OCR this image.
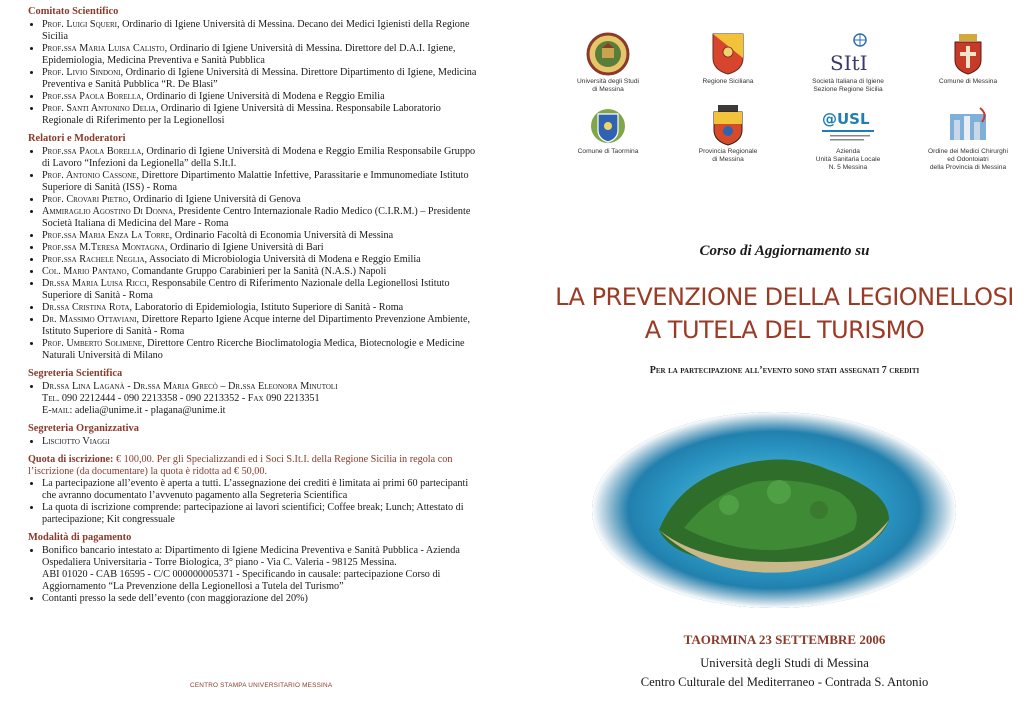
Comitato Scientifico
• Prof. Luigi Squeri, Ordinario di Igiene Università di Messina. Decano dei Medici Igienisti della Regione Sicilia
• Prof.ssa Maria Luisa Calisto, Ordinario di Igiene Università di Messina. Direttore del D.A.I. Igiene, Epidemiologia, Medicina Preventiva e Sanità Pubblica
• Prof. Livio Sindoni, Ordinario di Igiene Università di Messina. Direttore Dipartimento di Igiene, Medicina Preventiva e Sanità Pubblica “R. De Blasi”
• Prof.ssa Paola Borella, Ordinario di Igiene Università di Modena e Reggio Emilia
• Prof. Santi Antonino Delia, Ordinario di Igiene Università di Messina. Responsabile Laboratorio Regionale di Riferimento per la Legionellosi
Relatori e Moderatori
• Prof.ssa Paola Borella, Ordinario di Igiene Università di Modena e Reggio Emilia Responsabile Gruppo di Lavoro “Infezioni da Legionella” della S.It.I.
• Prof. Antonio Cassone, Direttore Dipartimento Malattie Infettive, Parassitarie e Immunomediate Istituto Superiore di Sanità (ISS) - Roma
• Prof. Crovari Pietro, Ordinario di Igiene Università di Genova
• Ammiraglio Agostino Di Donna, Presidente Centro Internazionale Radio Medico (C.I.R.M.) – Presidente Società Italiana di Medicina del Mare - Roma
• Prof.ssa Maria Enza La Torre, Ordinario Facoltà di Economia Università di Messina
• Prof.ssa M.Teresa Montagna, Ordinario di Igiene Università di Bari
• Prof.ssa Rachele Neglia, Associato di Microbiologia Università di Modena e Reggio Emilia
• Col. Mario Pantano, Comandante Gruppo Carabinieri per la Sanità (N.A.S.) Napoli
• Dr.ssa Maria Luisa Ricci, Responsabile Centro di Riferimento Nazionale della Legionellosi Istituto Superiore di Sanità - Roma
• Dr.ssa Cristina Rota, Laboratorio di Epidemiologia, Istituto Superiore di Sanità - Roma
• Dr. Massimo Ottaviani, Direttore Reparto Igiene Acque interne del Dipartimento Prevenzione Ambiente, Istituto Superiore di Sanità - Roma
• Prof. Umberto Solimene, Direttore Centro Ricerche Bioclimatologia Medica, Biotecnologie e Medicine Naturali Università di Milano
Segreteria Scientifica
• Dr.ssa Lina Laganà - Dr.ssa Maria Grecò – Dr.ssa Eleonora Minutoli
Tel. 090 2212444 - 090 2213358 - 090 2213352 - Fax 090 2213351
E-mail: adelia@unime.it - plagana@unime.it
Segreteria Organizzativa
• Lisciotto Viaggi
Quota di iscrizione: € 100,00. Per gli Specializzandi ed i Soci S.It.I. della Regione Sicilia in regola con l’iscrizione (da documentare) la quota è ridotta ad € 50,00.
• La partecipazione all’evento è aperta a tutti. L’assegnazione dei crediti è limitata ai primi 60 partecipanti che avranno documentato l’avvenuto pagamento alla Segreteria Scientifica
• La quota di iscrizione comprende: partecipazione ai lavori scientifici; Coffee break; Lunch; Attestato di partecipazione; Kit congressuale
Modalità di pagamento
• Bonifico bancario intestato a: Dipartimento di Igiene Medicina Preventiva e Sanità Pubblica - Azienda Ospedaliera Universitaria - Torre Biologica, 3° piano - Via C. Valeria - 98125 Messina.
ABI 01020 - CAB 16595 - C/C 000000005371 - Specificando in causale: partecipazione Corso di Aggiornamento “La Prevenzione della Legionellosi a Tutela del Turismo”
• Contanti presso la sede dell’evento (con maggiorazione del 20%)
CENTRO STAMPA UNIVERSITARIO MESSINA
Università degli Studi
di Messina
Regione Siciliana
SItI
Società Italiana di Igiene
Sezione Regione Sicilia
Comune di Messina
Comune di Taormina	Provincia Regionale
di Messina
@USL
Azienda
Unità Sanitaria Locale
N. 5 Messina
Ordine dei Medici Chirurghi
ed Odontoiatri
della Provincia di Messina
Corso di Aggiornamento su
LA PREVENZIONE DELLA LEGIONELLOSI
A TUTELA DEL TURISMO
Per la partecipazione all’evento sono stati assegnati 7 crediti
TAORMINA 23 SETTEMBRE 2006
Università degli Studi di Messina
Centro Culturale del Mediterraneo - Contrada S. Antonio
